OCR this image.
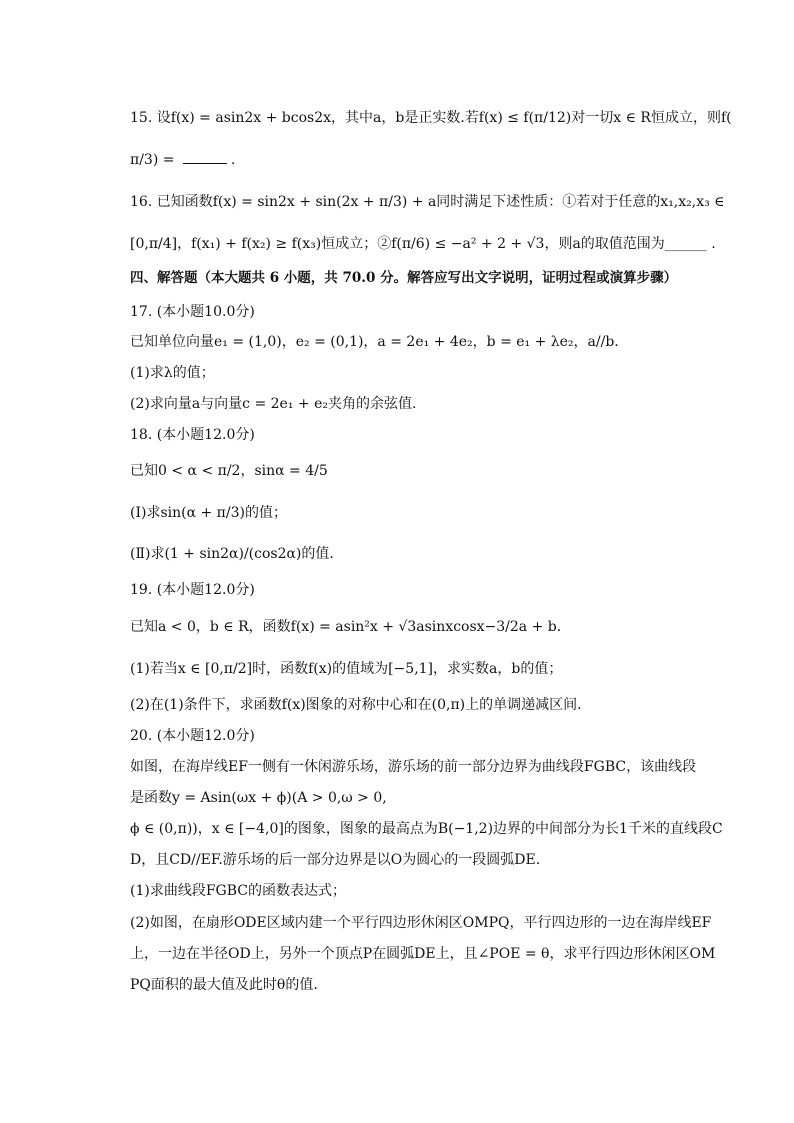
15. 设f(x) = asin2x + bcos2x，其中a，b是正实数.若f(x) ≤ f(π/12)对一切x ∈ R恒成立，则f(
π/3) =	.
16. 已知函数f(x) = sin2x + sin(2x + π/3) + a同时满足下述性质：①若对于任意的x₁,x₂,x₃ ∈
[0,π/4]，f(x₁) + f(x₂) ≥ f(x₃)恒成立；②f(π/6) ≤ −a² + 2 + √3，则a的取值范围为______ .
四、解答题（本大题共 6 小题，共 70.0 分。解答应写出文字说明，证明过程或演算步骤）
17. (本小题10.0分)
已知单位向量e₁ = (1,0)，e₂ = (0,1)，a = 2e₁ + 4e₂，b = e₁ + λe₂，a//b.
(1)求λ的值；
(2)求向量a与向量c = 2e₁ + e₂夹角的余弦值.
18. (本小题12.0分)
已知0 < α < π/2，sinα = 4/5
(Ⅰ)求sin(α + π/3)的值；
(Ⅱ)求(1 + sin2α)/(cos2α)的值.
19. (本小题12.0分)
已知a < 0，b ∈ R，函数f(x) = asin²x + √3asinxcosx−3/2a + b.
(1)若当x ∈ [0,π/2]时，函数f(x)的值域为[−5,1]，求实数a，b的值；
(2)在(1)条件下，求函数f(x)图象的对称中心和在(0,π)上的单调递减区间.
20. (本小题12.0分)
如图，在海岸线EF一侧有一休闲游乐场，游乐场的前一部分边界为曲线段FGBC，该曲线段
是函数y = Asin(ωx + ϕ)(A > 0,ω > 0,
ϕ ∈ (0,π))，x ∈ [−4,0]的图象，图象的最高点为B(−1,2)边界的中间部分为长1千米的直线段C
D，且CD//EF.游乐场的后一部分边界是以O为圆心的一段圆弧DE.
(1)求曲线段FGBC的函数表达式；
(2)如图，在扇形ODE区域内建一个平行四边形休闲区OMPQ，平行四边形的一边在海岸线EF
上，一边在半径OD上，另外一个顶点P在圆弧DE上，且∠POE = θ，求平行四边形休闲区OM
PQ面积的最大值及此时θ的值.
